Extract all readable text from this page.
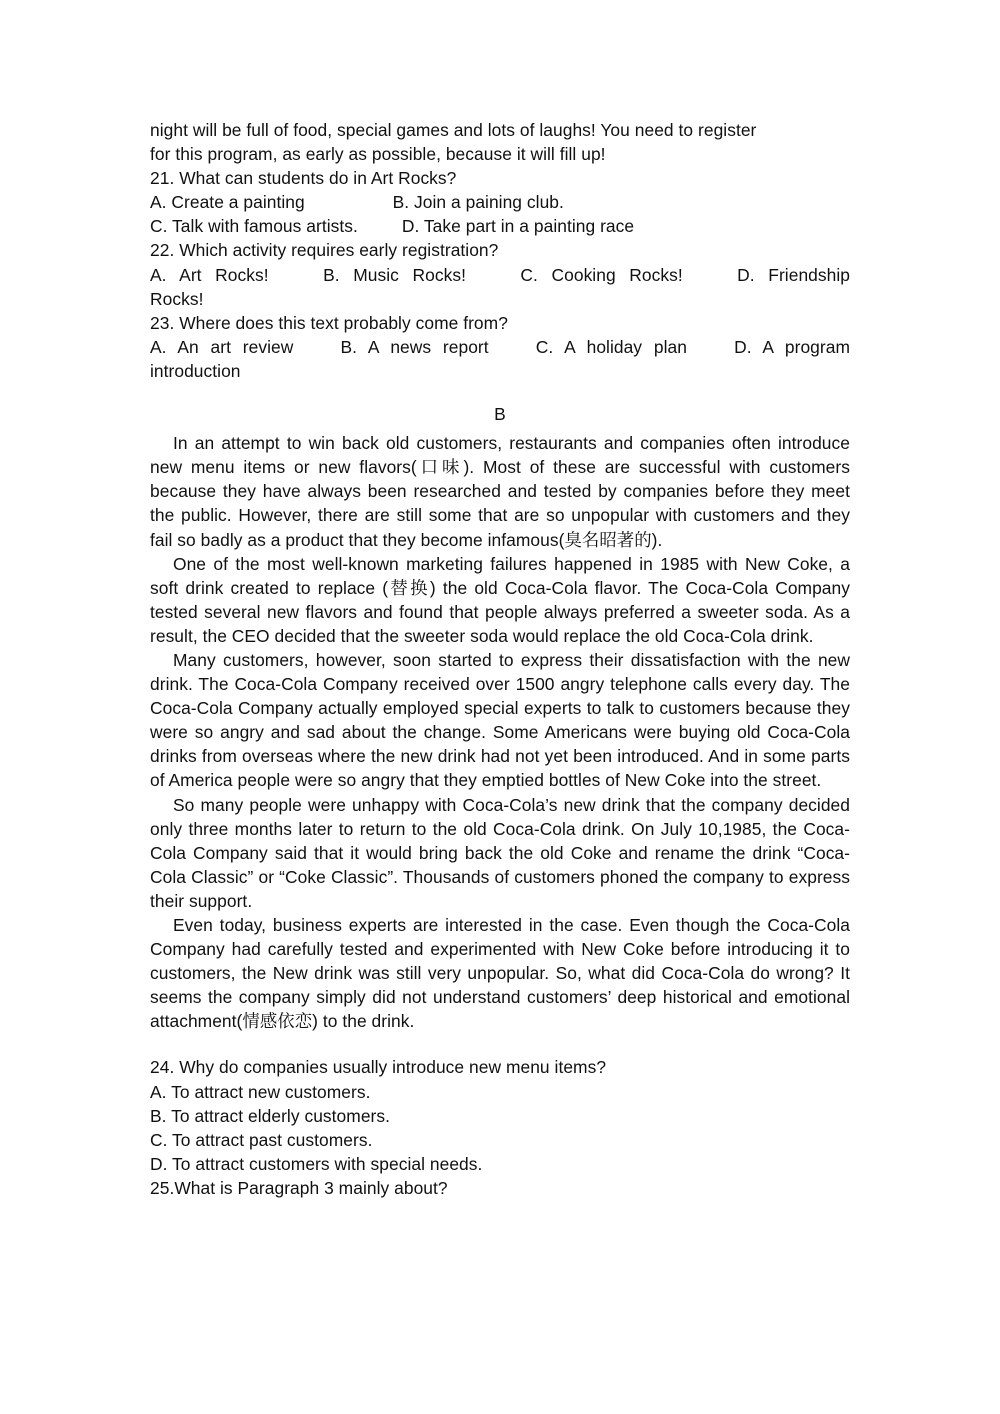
night will be full of food, special games and lots of laughs! You need to register

for this program, as early as possible, because it will fill up!

21. What can students do in Art Rocks?

A. Create a painting	B. Join a paining club.

C. Talk with famous artists.	D. Take part in a painting race

22. Which activity requires early registration?

A. Art Rocks!    B. Music Rocks!    C. Cooking Rocks!    D. Friendship

Rocks!

23. Where does this text probably come from?

A. An art review    B. A news report    C. A holiday plan    D. A program

introduction

B

In an attempt to win back old customers, restaurants and companies often introduce new menu items or new flavors(口味). Most of these are successful with customers because they have always been researched and tested by companies before they meet the public. However, there are still some that are so unpopular with customers and they fail so badly as a product that they become infamous(臭名昭著的).

One of the most well-known marketing failures happened in 1985 with New Coke, a soft drink created to replace (替换) the old Coca-Cola flavor. The Coca-Cola Company tested several new flavors and found that people always preferred a sweeter soda. As a result, the CEO decided that the sweeter soda would replace the old Coca-Cola drink.

Many customers, however, soon started to express their dissatisfaction with the new drink. The Coca-Cola Company received over 1500 angry telephone calls every day. The Coca-Cola Company actually employed special experts to talk to customers because they were so angry and sad about the change. Some Americans were buying old Coca-Cola drinks from overseas where the new drink had not yet been introduced. And in some parts of America people were so angry that they emptied bottles of New Coke into the street.

So many people were unhappy with Coca-Cola’s new drink that the company decided only three months later to return to the old Coca-Cola drink. On July 10,1985, the Coca-Cola Company said that it would bring back the old Coke and rename the drink “Coca-Cola Classic” or “Coke Classic”. Thousands of customers phoned the company to express their support.

Even today, business experts are interested in the case. Even though the Coca-Cola Company had carefully tested and experimented with New Coke before introducing it to customers, the New drink was still very unpopular. So, what did Coca-Cola do wrong? It seems the company simply did not understand customers’ deep historical and emotional attachment(情感依恋) to the drink.

24. Why do companies usually introduce new menu items?

A. To attract new customers.

B. To attract elderly customers.

C. To attract past customers.

D. To attract customers with special needs.

25.What is Paragraph 3 mainly about?
